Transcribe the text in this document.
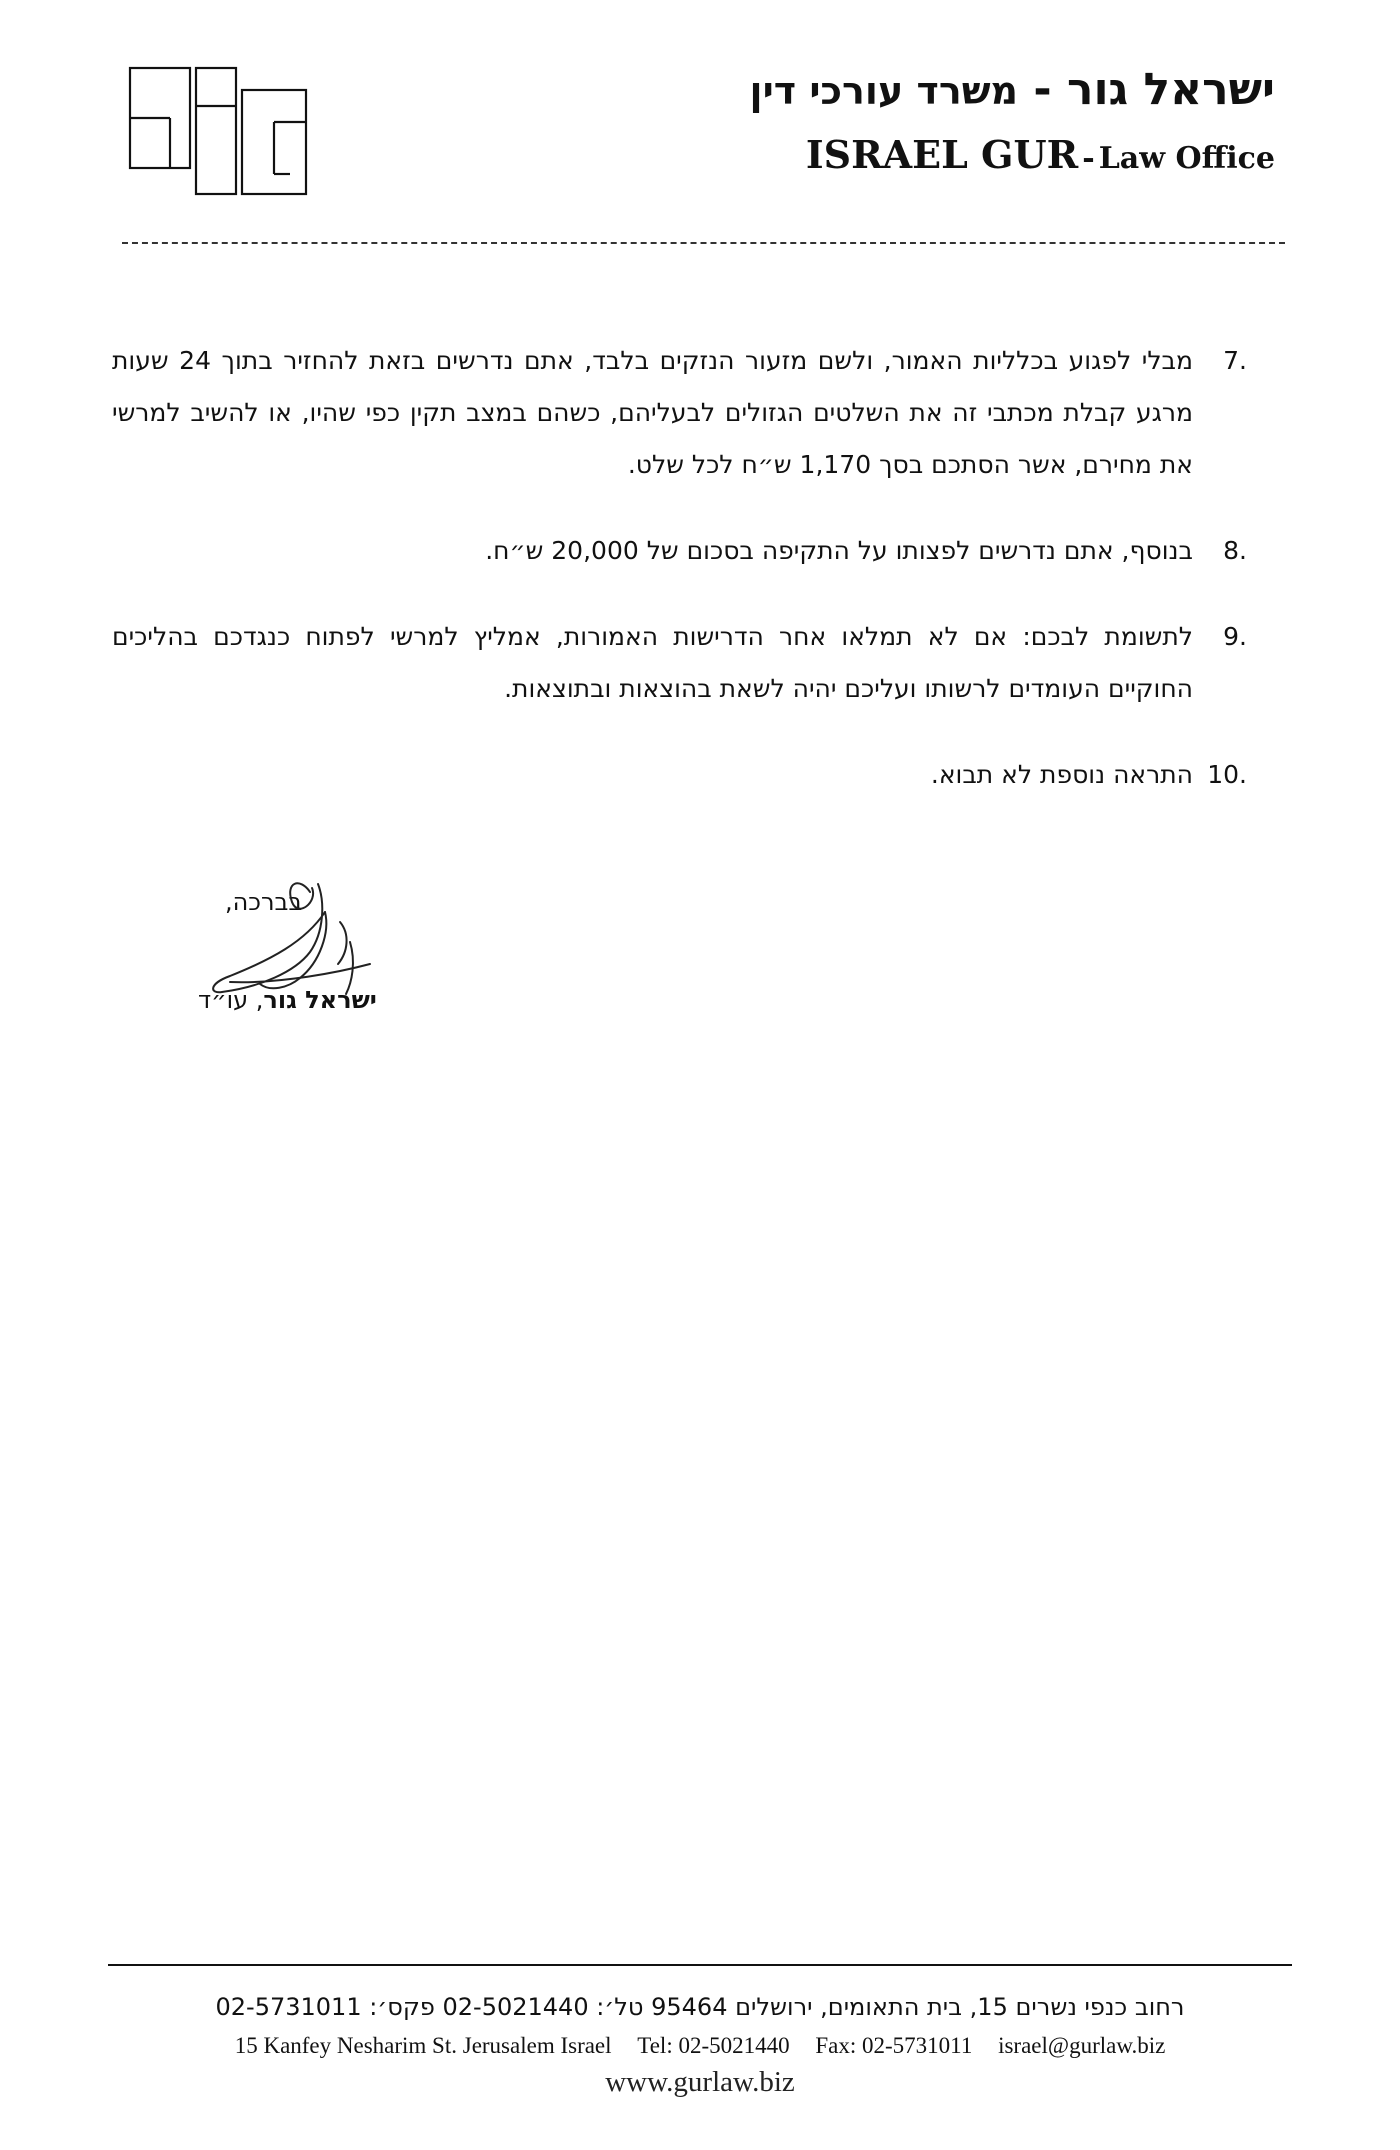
ישראל גור - משרד עורכי דין
ISRAEL GUR - Law Office
.7
מבלי לפגוע בכלליות האמור, ולשם מזעור הנזקים בלבד, אתם נדרשים בזאת להחזיר בתוך 24 שעות מרגע קבלת מכתבי זה את השלטים הגזולים לבעליהם, כשהם במצב תקין כפי שהיו, או להשיב למרשי את מחירם, אשר הסתכם בסך 1,170 ש״ח לכל שלט.
.8
בנוסף, אתם נדרשים לפצותו על התקיפה בסכום של 20,000 ש״ח.
.9
לתשומת לבכם: אם לא תמלאו אחר הדרישות האמורות, אמליץ למרשי לפתוח כנגדכם בהליכים החוקיים העומדים לרשותו ועליכם יהיה לשאת בהוצאות ובתוצאות.
.10
התראה נוספת לא תבוא.
בברכה,
ישראל גור, עו״ד
רחוב כנפי נשרים 15, בית התאומים, ירושלים 95464 טל׳: 02-5021440 פקס׳: 02-5731011
15 Kanfey Nesharim St. Jerusalem Israel Tel: 02-5021440 Fax: 02-5731011 israel@gurlaw.biz
www.gurlaw.biz
